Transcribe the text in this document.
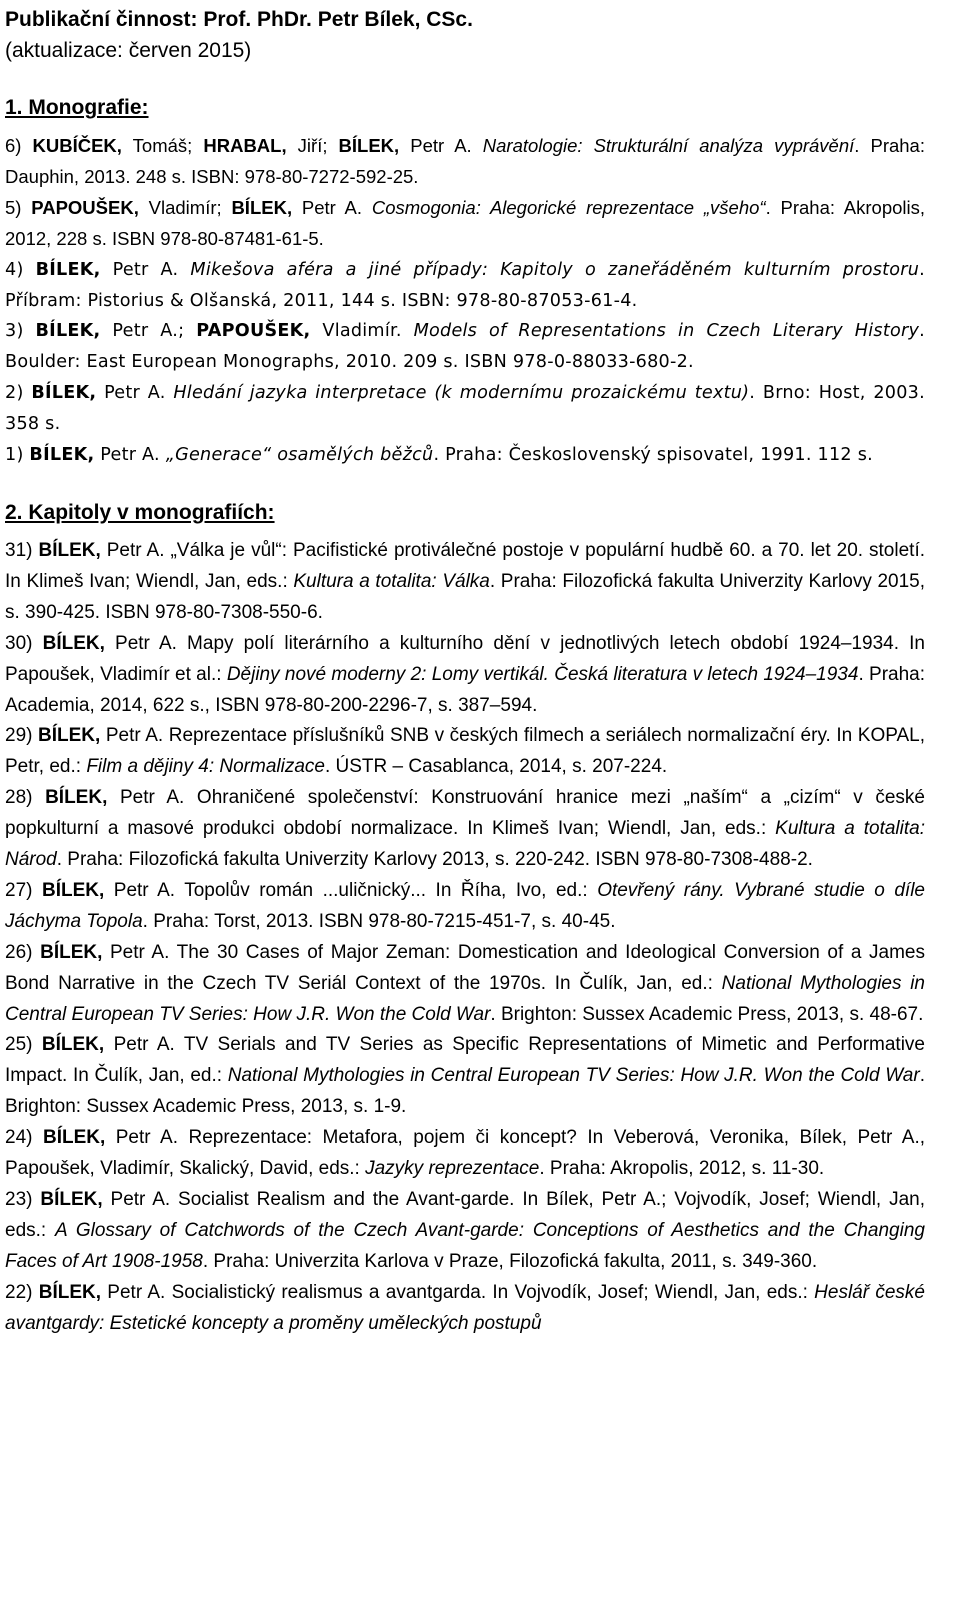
Publikační činnost: Prof. PhDr. Petr Bílek, CSc.

(aktualizace: červen 2015)

1. Monografie:

6) KUBÍČEK, Tomáš; HRABAL, Jiří; BÍLEK, Petr A. Naratologie: Strukturální analýza vyprávění. Praha: Dauphin, 2013. 248 s. ISBN: 978-80-7272-592-25.

5) PAPOUŠEK, Vladimír; BÍLEK, Petr A. Cosmogonia: Alegorické reprezentace „všeho“. Praha: Akropolis, 2012, 228 s. ISBN 978-80-87481-61-5.

4) BÍLEK, Petr A. Mikešova aféra a jiné případy: Kapitoly o zaneřáděném kulturním prostoru. Příbram: Pistorius & Olšanská, 2011, 144 s. ISBN: 978-80-87053-61-4.

3) BÍLEK, Petr A.; PAPOUŠEK, Vladimír. Models of Representations in Czech Literary History. Boulder: East European Monographs, 2010. 209 s. ISBN 978-0-88033-680-2.

2) BÍLEK, Petr A. Hledání jazyka interpretace (k modernímu prozaickému textu). Brno: Host, 2003. 358 s.

1) BÍLEK, Petr A. „Generace“ osamělých běžců. Praha: Československý spisovatel, 1991. 112 s.

2. Kapitoly v monografiích:

31) BÍLEK, Petr A. „Válka je vůl“: Pacifistické protiválečné postoje v populární hudbě 60. a 70. let 20. století. In Klimeš Ivan; Wiendl, Jan, eds.: Kultura a totalita: Válka. Praha: Filozofická fakulta Univerzity Karlovy 2015, s. 390-425. ISBN 978-80-7308-550-6.

30) BÍLEK, Petr A. Mapy polí literárního a kulturního dění v jednotlivých letech období 1924–1934. In Papoušek, Vladimír et al.: Dějiny nové moderny 2: Lomy vertikál. Česká literatura v letech 1924–1934. Praha: Academia, 2014, 622 s., ISBN 978-80-200-2296-7, s. 387–594.

29) BÍLEK, Petr A. Reprezentace příslušníků SNB v českých filmech a seriálech normalizační éry. In KOPAL, Petr, ed.: Film a dějiny 4: Normalizace. ÚSTR – Casablanca, 2014, s. 207-224.

28) BÍLEK, Petr A. Ohraničené společenství: Konstruování hranice mezi „naším“ a „cizím“ v české popkulturní a masové produkci období normalizace. In Klimeš Ivan; Wiendl, Jan, eds.: Kultura a totalita: Národ. Praha: Filozofická fakulta Univerzity Karlovy 2013, s. 220-242. ISBN 978-80-7308-488-2.

27) BÍLEK, Petr A. Topolův román ...uličnický... In Říha, Ivo, ed.: Otevřený rány. Vybrané studie o díle Jáchyma Topola. Praha: Torst, 2013. ISBN 978-80-7215-451-7, s. 40-45.

26) BÍLEK, Petr A. The 30 Cases of Major Zeman: Domestication and Ideological Conversion of a James Bond Narrative in the Czech TV Seriál Context of the 1970s. In Čulík, Jan, ed.: National Mythologies in Central European TV Series: How J.R. Won the Cold War. Brighton: Sussex Academic Press, 2013, s. 48-67.

25) BÍLEK, Petr A. TV Serials and TV Series as Specific Representations of Mimetic and Performative Impact. In Čulík, Jan, ed.: National Mythologies in Central European TV Series: How J.R. Won the Cold War. Brighton: Sussex Academic Press, 2013, s. 1-9.

24) BÍLEK, Petr A. Reprezentace: Metafora, pojem či koncept? In Veberová, Veronika, Bílek, Petr A., Papoušek, Vladimír, Skalický, David, eds.: Jazyky reprezentace. Praha: Akropolis, 2012, s. 11-30.

23) BÍLEK, Petr A. Socialist Realism and the Avant-garde. In Bílek, Petr A.; Vojvodík, Josef; Wiendl, Jan, eds.: A Glossary of Catchwords of the Czech Avant-garde: Conceptions of Aesthetics and the Changing Faces of Art 1908-1958. Praha: Univerzita Karlova v Praze, Filozofická fakulta, 2011, s. 349-360.

22) BÍLEK, Petr A. Socialistický realismus a avantgarda. In Vojvodík, Josef; Wiendl, Jan, eds.: Heslář české avantgardy: Estetické koncepty a proměny uměleckých postupů
